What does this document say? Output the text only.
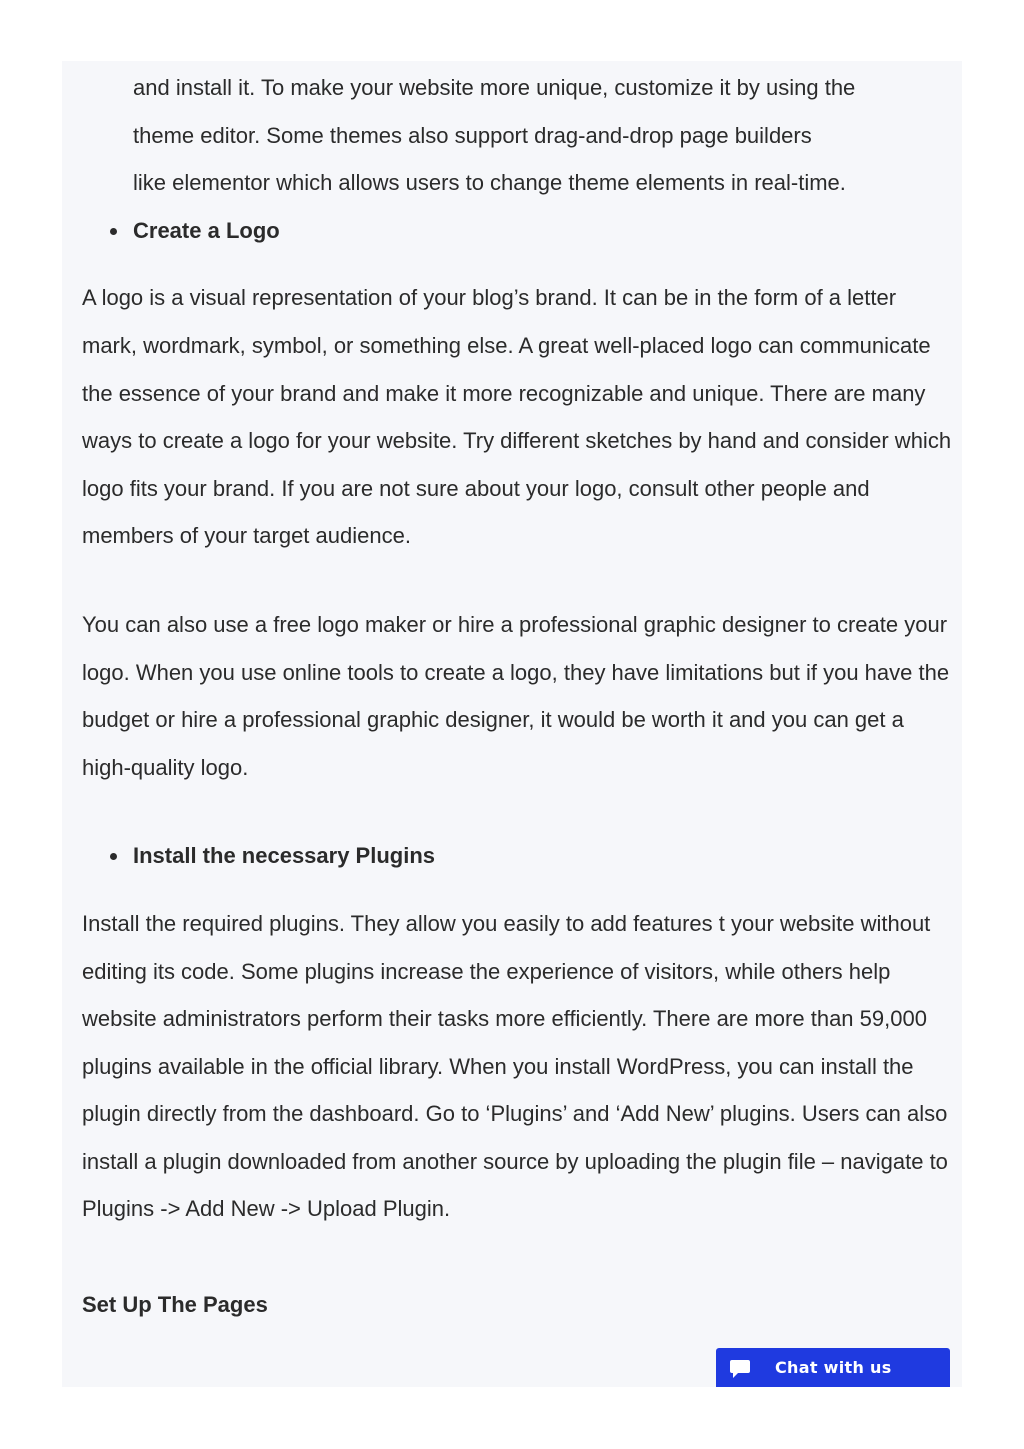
and install it. To make your website more unique, customize it by using the

theme editor. Some themes also support drag-and-drop page builders

like elementor which allows users to change theme elements in real-time.

Create a Logo

A logo is a visual representation of your blog’s brand. It can be in the form of a letter mark, wordmark, symbol, or something else. A great well-placed logo can communicate the essence of your brand and make it more recognizable and unique. There are many ways to create a logo for your website. Try different sketches by hand and consider which logo fits your brand. If you are not sure about your logo, consult other people and members of your target audience.

You can also use a free logo maker or hire a professional graphic designer to create your logo. When you use online tools to create a logo, they have limitations but if you have the budget or hire a professional graphic designer, it would be worth it and you can get a high-quality logo.

Install the necessary Plugins

Install the required plugins. They allow you easily to add features t your website without editing its code. Some plugins increase the experience of visitors, while others help website administrators perform their tasks more efficiently. There are more than 59,000 plugins available in the official library. When you install WordPress, you can install the plugin directly from the dashboard. Go to ‘Plugins’ and ‘Add New’ plugins. Users can also install a plugin downloaded from another source by uploading the plugin file – navigate to Plugins -> Add New -> Upload Plugin.

Set Up The Pages

Chat with us
